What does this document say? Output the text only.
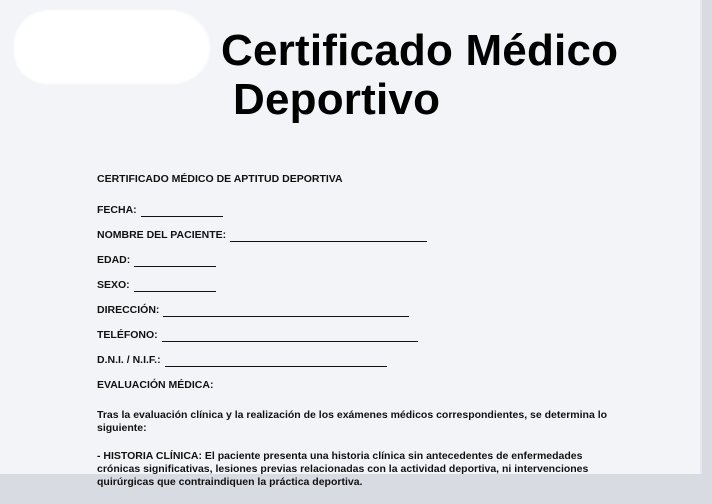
Certificado Médico
Deportivo
CERTIFICADO MÉDICO DE APTITUD DEPORTIVA
FECHA:
NOMBRE DEL PACIENTE:
EDAD:
SEXO:
DIRECCIÓN:
TELÉFONO:
D.N.I. / N.I.F.:
EVALUACIÓN MÉDICA:

Tras la evaluación clínica y la realización de los exámenes médicos correspondientes, se determina lo siguiente:

- HISTORIA CLÍNICA: El paciente presenta una historia clínica sin antecedentes de enfermedades crónicas significativas, lesiones previas relacionadas con la actividad deportiva, ni intervenciones quirúrgicas que contraindiquen la práctica deportiva.
